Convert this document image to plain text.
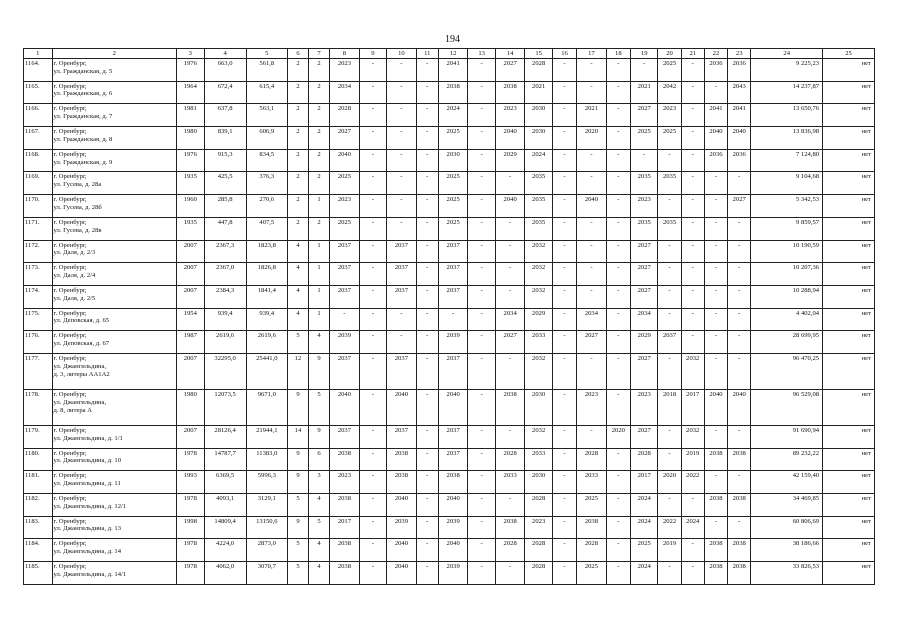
194
1	2	3	4	5	6	7	8	9	10	11	12	13	14	15	16	17	18	19	20	21	22	23	24	25
1164.	г. Оренбург,
ул. Гражданская, д. 5	1976	663,0	561,8	2	2	2023	-	-	-	2041	-	2027	2028	-	-	-	-	2025	-	2036	2036	9 225,23	нет
1165.	г. Оренбург,
ул. Гражданская, д. 6	1964	672,4	615,4	2	2	2034	-	-	-	2038	-	2038	2021	-	-	-	2021	2042	-	-	2043	14 237,87	нет
1166.	г. Оренбург,
ул. Гражданская, д. 7	1981	637,8	563,1	2	2	2028	-	-	-	2024	-	2023	2030	-	2021	-	2027	2023	-	2041	2041	13 650,76	нет
1167.	г. Оренбург,
ул. Гражданская, д. 8	1980	839,1	606,9	2	2	2027	-	-	-	2025	-	2040	2030	-	2020	-	2025	2025	-	2040	2040	13 836,98	нет
1168.	г. Оренбург,
ул. Гражданская, д. 9	1976	915,3	834,5	2	2	2040	-	-	-	2030	-	2029	2024	-	-	-	-	-	-	2036	2036	7 124,80	нет
1169.	г. Оренбург,
ул. Гусева, д. 28а	1935	425,5	376,3	2	2	2025	-	-	-	2025	-	-	2035	-	-	-	2035	2035	-	-	-	9 104,68	нет
1170.	г. Оренбург,
ул. Гусева, д. 28б	1960	285,8	270,6	2	1	2023	-	-	-	2025	-	2040	2035	-	2040	-	2023	-	-	-	2027	5 342,53	нет
1171.	г. Оренбург,
ул. Гусева, д. 28в	1935	447,8	407,5	2	2	2025	-	-	-	2025	-	-	2035	-	-	-	2035	2035	-	-	-	9 859,57	нет
1172.	г. Оренбург,
ул. Даля, д. 2/3	2007	2367,3	1823,8	4	1	2037	-	2037	-	2037	-	-	2032	-	-	-	2027	-	-	-	-	10 190,59	нет
1173.	г. Оренбург,
ул. Даля, д. 2/4	2007	2367,0	1826,8	4	1	2037	-	2037	-	2037	-	-	2032	-	-	-	2027	-	-	-	-	10 207,36	нет
1174.	г. Оренбург,
ул. Даля, д. 2/5	2007	2384,3	1841,4	4	1	2037	-	2037	-	2037	-	-	2032	-	-	-	2027	-	-	-	-	10 288,94	нет
1175.	г. Оренбург,
ул. Деповская, д. 65	1954	939,4	939,4	4	1	-	-	-	-	-	-	2034	2029	-	2034	-	2034	-	-	-	-	4 402,04	нет
1176.	г. Оренбург,
ул. Деповская, д. 67	1987	2619,6	2619,6	5	4	2039	-	-	-	2039	-	2027	2033	-	2027	-	2029	2037	-	-	-	28 699,95	нет
1177.	г. Оренбург,
ул. Джангильдина,
д. 3, литеры АА1А2	2007	32295,0	25441,0	12	9	2037	-	2037	-	2037	-	-	2032	-	-	-	2027	-	2032	-	-	96 470,25	нет
1178.	г. Оренбург,
ул. Джангильдина,
д. 8, литера А	1980	12073,5	9671,0	9	5	2040	-	2040	-	2040	-	2038	2030	-	2023	-	2023	2018	2017	2040	2040	96 529,08	нет
1179.	г. Оренбург,
ул. Джангильдина, д. 1/1	2007	28126,4	21944,1	14	9	2037	-	2037	-	2037	-	-	2032	-	-	2020	2027	-	2032	-	-	91 690,94	нет
1180.	г. Оренбург,
ул. Джангильдина, д. 10	1978	14787,7	11383,0	9	6	2038	-	2038	-	2037	-	2028	2033	-	2028	-	2028	-	2019	2038	2038	89 232,22	нет
1181.	г. Оренбург,
ул. Джангильдина, д. 11	1993	6369,5	5996,3	9	3	2023	-	2038	-	2038	-	2033	2030	-	2033	-	2017	2020	2022	-	-	42 159,40	нет
1182.	г. Оренбург,
ул. Джангильдина, д. 12/1	1978	4093,1	3129,1	5	4	2038	-	2040	-	2040	-	-	2028	-	2025	-	2024	-	-	2038	2038	34 469,85	нет
1183.	г. Оренбург,
ул. Джангильдина, д. 13	1998	14809,4	13150,6	9	5	2017	-	2039	-	2039	-	2038	2023	-	2038	-	2024	2022	2024	-	-	60 806,69	нет
1184.	г. Оренбург,
ул. Джангильдина, д. 14	1978	4224,0	2873,0	5	4	2038	-	2040	-	2040	-	2028	2028	-	2028	-	2025	2019	-	2038	2038	38 186,66	нет
1185.	г. Оренбург,
ул. Джангильдина, д. 14/1	1978	4062,0	3070,7	5	4	2038	-	2040	-	2039	-	-	2028	-	2025	-	2024	-	-	2038	2038	33 826,53	нет
